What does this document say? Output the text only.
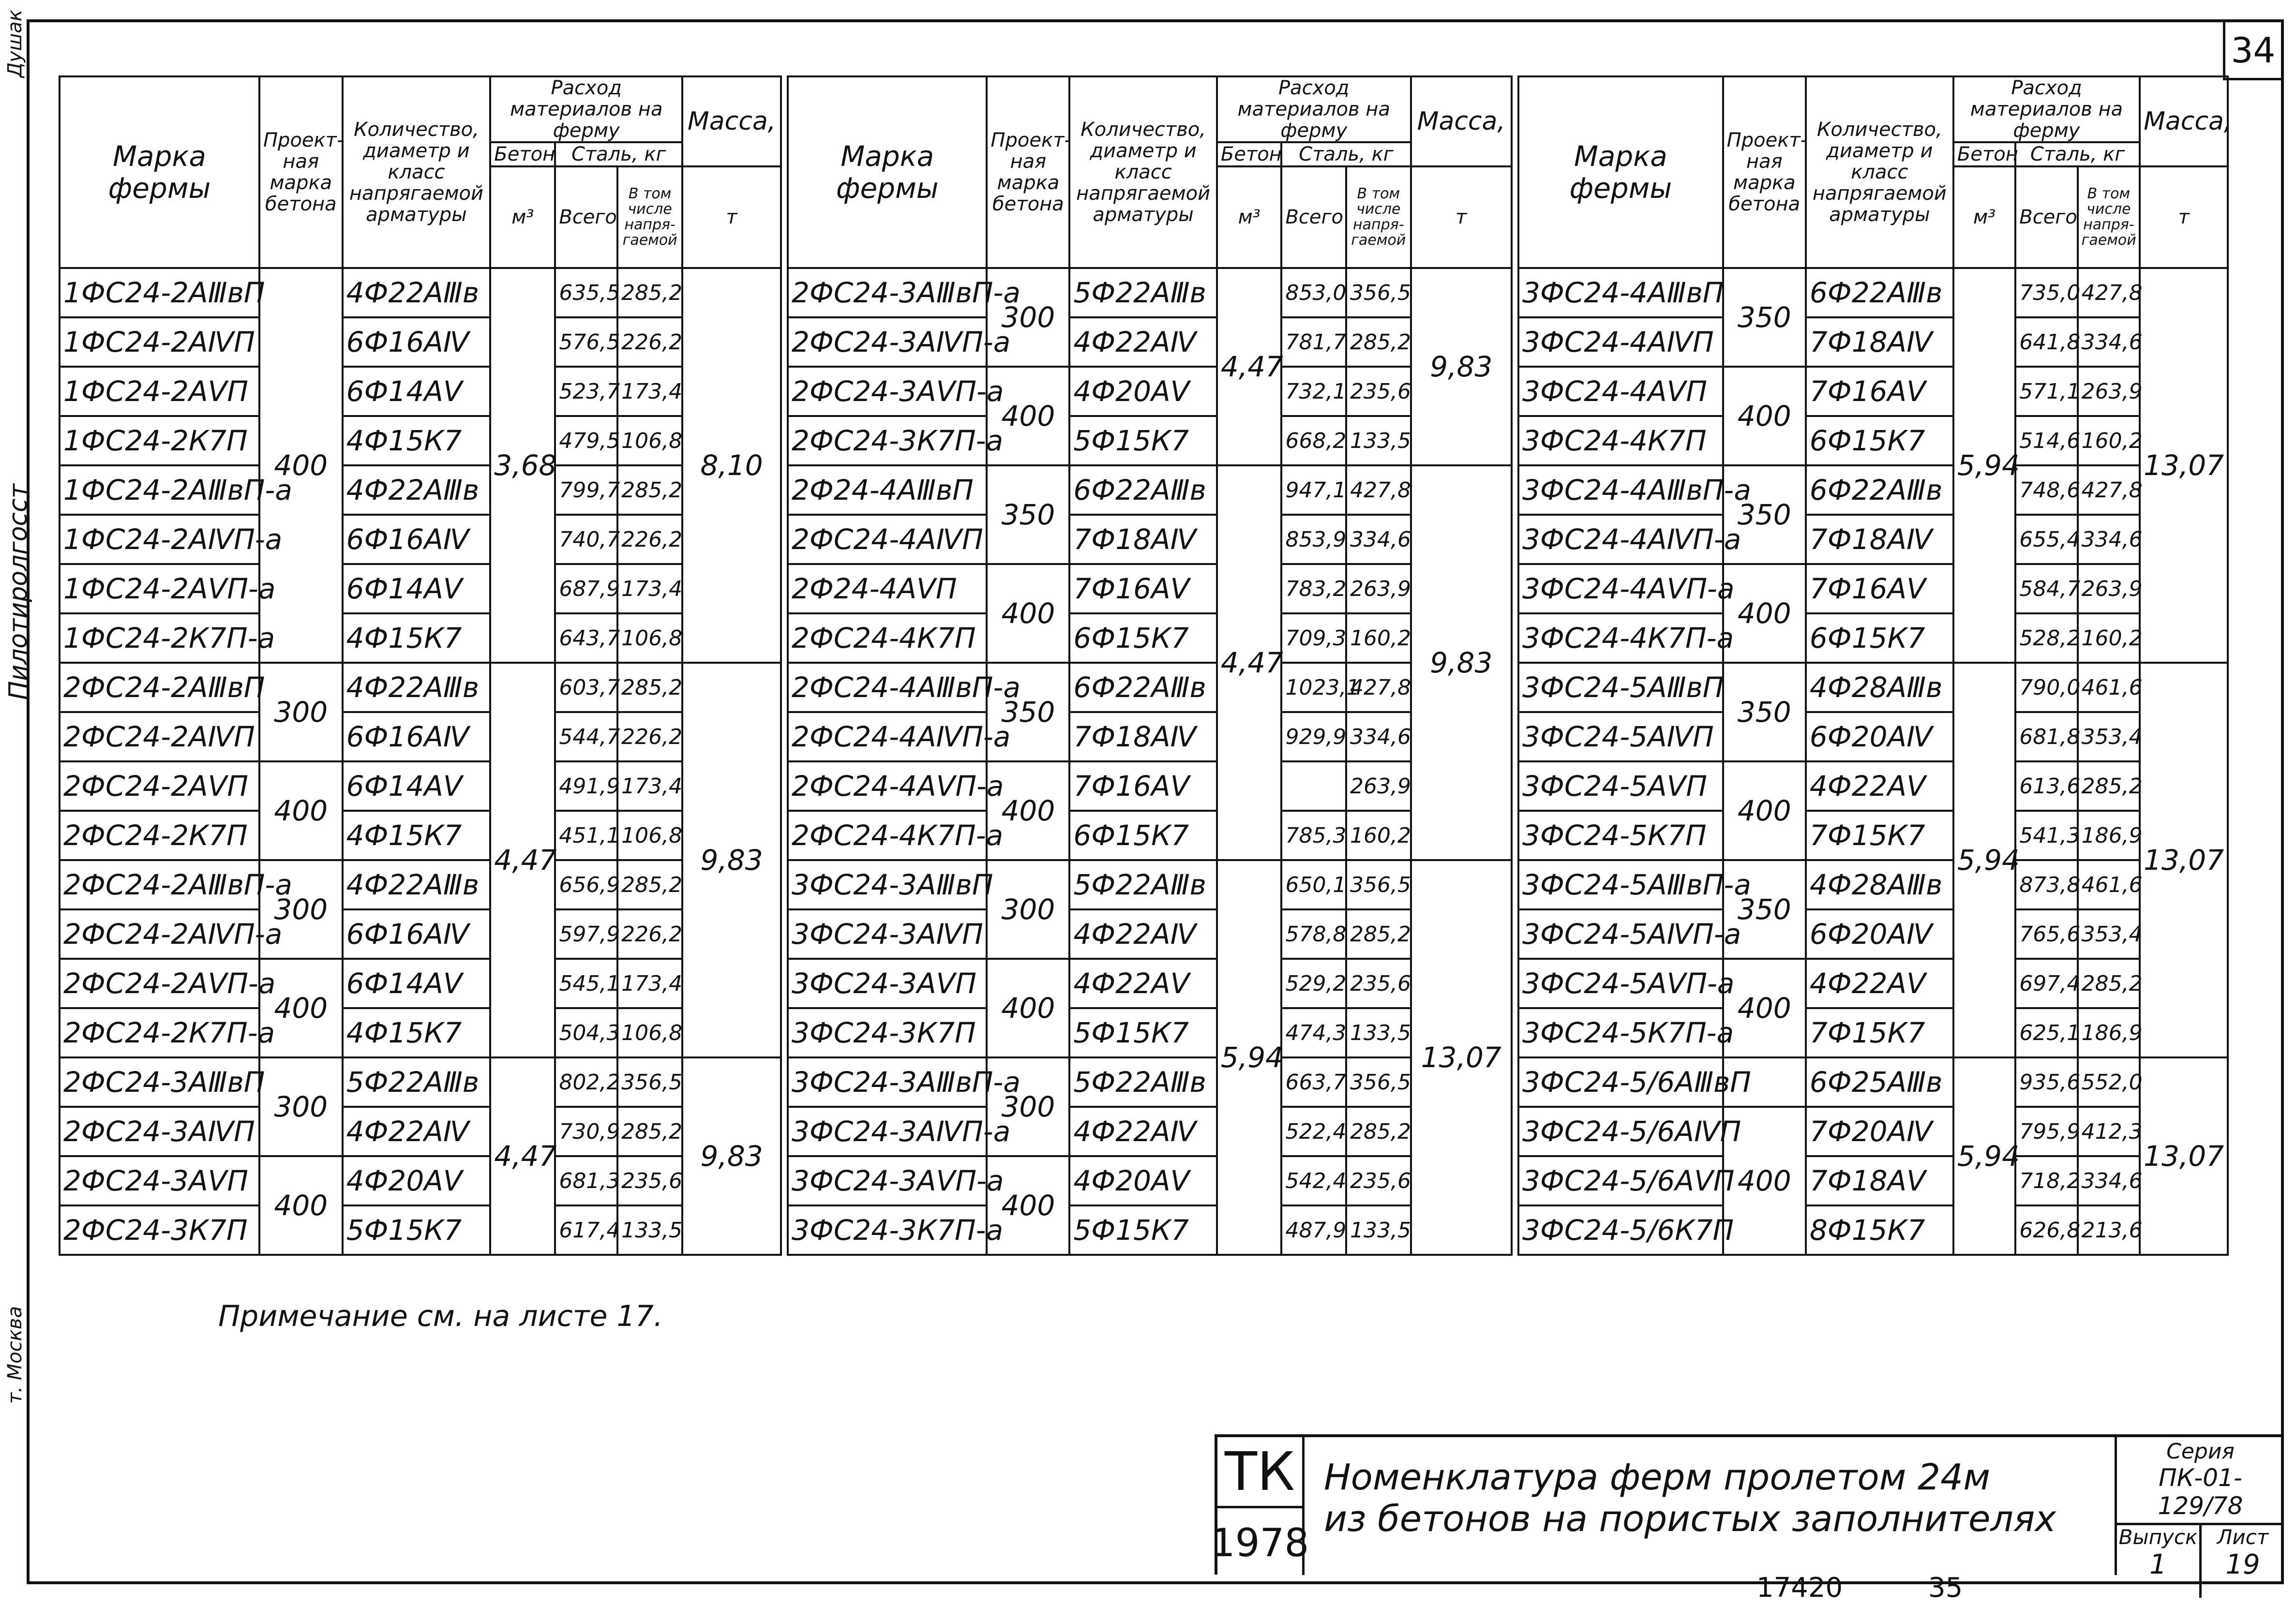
Душак
Пилотиролгосст
т. Москва
34
Марка фермы	Проект-ная марка бетона	Количество, диаметр и класс напрягаемой арматуры	Расход материалов на ферму			Масса,
			Бетон	Сталь, кг		
			м³	Всего	В том числе напря-гаемой	т
1ФС24-2АⅢвП	400	4Ф22АⅢв	3,68	635,5	285,2	8,10
1ФС24-2АⅣП		6Ф16АⅣ		576,5	226,2	
1ФС24-2АⅤП		6Ф14АⅤ		523,7	173,4	
1ФС24-2К7П		4Ф15К7		479,5	106,8	
1ФС24-2АⅢвП-а		4Ф22АⅢв		799,7	285,2	
1ФС24-2АⅣП-а		6Ф16АⅣ		740,7	226,2	
1ФС24-2АⅤП-а		6Ф14АⅤ		687,9	173,4	
1ФС24-2К7П-а		4Ф15К7		643,7	106,8	
2ФС24-2АⅢвП	300	4Ф22АⅢв	4,47	603,7	285,2	9,83
2ФС24-2АⅣП		6Ф16АⅣ		544,7	226,2	
2ФС24-2АⅤП	400	6Ф14АⅤ		491,9	173,4	
2ФС24-2К7П		4Ф15К7		451,1	106,8	
2ФС24-2АⅢвП-а	300	4Ф22АⅢв		656,9	285,2	
2ФС24-2АⅣП-а		6Ф16АⅣ		597,9	226,2	
2ФС24-2АⅤП-а	400	6Ф14АⅤ		545,1	173,4	
2ФС24-2К7П-а		4Ф15К7		504,3	106,8	
2ФС24-3АⅢвП	300	5Ф22АⅢв	4,47	802,2	356,5	9,83
2ФС24-3АⅣП		4Ф22АⅣ		730,9	285,2	
2ФС24-3АⅤП	400	4Ф20АⅤ		681,3	235,6	
2ФС24-3К7П		5Ф15К7		617,4	133,5	
Марка фермы	Проект-ная марка бетона	Количество, диаметр и класс напрягаемой арматуры	Расход материалов на ферму			Масса,
			Бетон	Сталь, кг		
			м³	Всего	В том числе напря-гаемой	т
2ФС24-3АⅢвП-а	300	5Ф22АⅢв	4,47	853,0	356,5	9,83
2ФС24-3АⅣП-а		4Ф22АⅣ		781,7	285,2	
2ФС24-3АⅤП-а	400	4Ф20АⅤ		732,1	235,6	
2ФС24-3К7П-а		5Ф15К7		668,2	133,5	
2Ф24-4АⅢвП	350	6Ф22АⅢв	4,47	947,1	427,8	9,83
2ФС24-4АⅣП		7Ф18АⅣ		853,9	334,6	
2Ф24-4АⅤП	400	7Ф16АⅤ		783,2	263,9	
2ФС24-4К7П		6Ф15К7		709,3	160,2	
2ФС24-4АⅢвП-а	350	6Ф22АⅢв		1023,1	427,8	
2ФС24-4АⅣП-а		7Ф18АⅣ		929,9	334,6	
2ФС24-4АⅤП-а	400	7Ф16АⅤ			263,9	
2ФС24-4К7П-а		6Ф15К7		785,3	160,2	
3ФС24-3АⅢвП	300	5Ф22АⅢв	5,94	650,1	356,5	13,07
3ФС24-3АⅣП		4Ф22АⅣ		578,8	285,2	
3ФС24-3АⅤП	400	4Ф22АⅤ		529,2	235,6	
3ФС24-3К7П		5Ф15К7		474,3	133,5	
3ФС24-3АⅢвП-а	300	5Ф22АⅢв		663,7	356,5	
3ФС24-3АⅣП-а		4Ф22АⅣ		522,4	285,2	
3ФС24-3АⅤП-а	400	4Ф20АⅤ		542,4	235,6	
3ФС24-3К7П-а		5Ф15К7		487,9	133,5	
Марка фермы	Проект-ная марка бетона	Количество, диаметр и класс напрягаемой арматуры	Расход материалов на ферму			Масса,
			Бетон	Сталь, кг		
			м³	Всего	В том числе напря-гаемой	т
3ФС24-4АⅢвП	350	6Ф22АⅢв	5,94	735,0	427,8	13,07
3ФС24-4АⅣП		7Ф18АⅣ		641,8	334,6	
3ФС24-4АⅤП	400	7Ф16АⅤ		571,1	263,9	
3ФС24-4К7П		6Ф15К7		514,6	160,2	
3ФС24-4АⅢвП-а	350	6Ф22АⅢв		748,6	427,8	
3ФС24-4АⅣП-а		7Ф18АⅣ		655,4	334,6	
3ФС24-4АⅤП-а	400	7Ф16АⅤ		584,7	263,9	
3ФС24-4К7П-а		6Ф15К7		528,2	160,2	
3ФС24-5АⅢвП	350	4Ф28АⅢв	5,94	790,0	461,6	13,07
3ФС24-5АⅣП		6Ф20АⅣ		681,8	353,4	
3ФС24-5АⅤП	400	4Ф22АⅤ		613,6	285,2	
3ФС24-5К7П		7Ф15К7		541,3	186,9	
3ФС24-5АⅢвП-а	350	4Ф28АⅢв		873,8	461,6	
3ФС24-5АⅣП-а		6Ф20АⅣ		765,6	353,4	
3ФС24-5АⅤП-а	400	4Ф22АⅤ		697,4	285,2	
3ФС24-5К7П-а		7Ф15К7		625,1	186,9	
3ФС24-5/6АⅢвП		6Ф25АⅢв	5,94	935,6	552,0	13,07
3ФС24-5/6АⅣП	400	7Ф20АⅣ		795,9	412,3	
3ФС24-5/6АⅤП		7Ф18АⅤ		718,2	334,6	
3ФС24-5/6К7П		8Ф15К7		626,8	213,6	
Примечание см. на листе 17.
ТК
1978
Номенклатура ферм пролетом 24м
из бетонов на пористых заполнителях
Серия
ПК-01-129/78
Выпуск
1
Лист
19
17420	35
